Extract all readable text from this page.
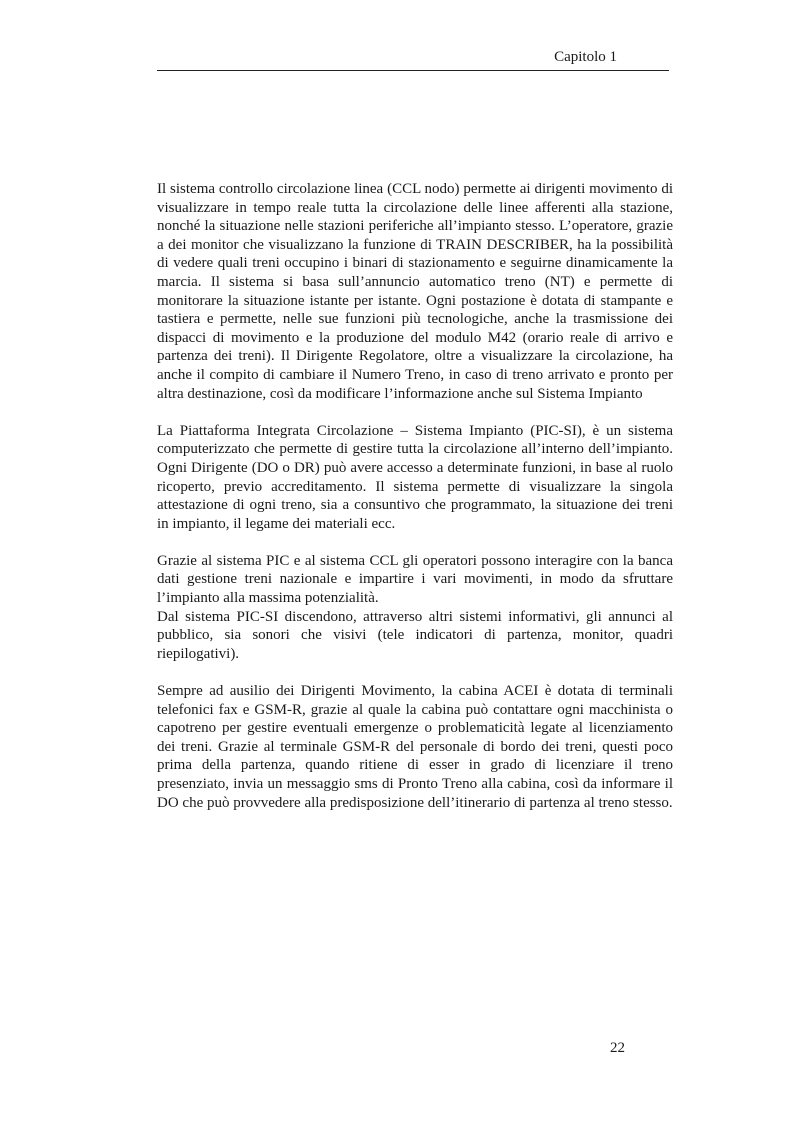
Capitolo 1

Il sistema controllo circolazione linea (CCL nodo) permette ai dirigenti movimento di visualizzare in tempo reale tutta la circolazione delle linee afferenti alla stazione, nonché la situazione nelle stazioni periferiche all’impianto stesso. L’operatore, grazie a dei monitor che visualizzano la funzione di TRAIN DESCRIBER, ha la possibilità di vedere quali treni occupino i binari di stazionamento e seguirne dinamicamente la marcia. Il sistema si basa sull’annuncio automatico treno (NT) e permette di monitorare la situazione istante per istante. Ogni postazione è dotata di stampante e tastiera e permette, nelle sue funzioni più tecnologiche, anche la trasmissione dei dispacci di movimento e la produzione del modulo M42 (orario reale di arrivo e partenza dei treni). Il Dirigente Regolatore, oltre a visualizzare la circolazione, ha anche il compito di cambiare il Numero Treno, in caso di treno arrivato e pronto per altra destinazione, così da modificare l’informazione anche sul Sistema Impianto

La Piattaforma Integrata Circolazione – Sistema Impianto (PIC-SI), è un sistema computerizzato che permette di gestire tutta la circolazione all’interno dell’impianto. Ogni Dirigente (DO o DR) può avere accesso a determinate funzioni, in base al ruolo ricoperto, previo accreditamento. Il sistema permette di visualizzare la singola attestazione di ogni treno, sia a consuntivo che programmato, la situazione dei treni in impianto, il legame dei materiali ecc.

Grazie al sistema PIC e al sistema CCL gli operatori possono interagire con la banca dati gestione treni nazionale e impartire i vari movimenti, in modo da sfruttare l’impianto alla massima potenzialità.

Dal sistema PIC-SI discendono, attraverso altri sistemi informativi, gli annunci al pubblico, sia sonori che visivi (tele indicatori di partenza, monitor, quadri riepilogativi).

Sempre ad ausilio dei Dirigenti Movimento, la cabina ACEI è dotata di terminali telefonici fax e GSM-R, grazie al quale la cabina può contattare ogni macchinista o capotreno per gestire eventuali emergenze o problematicità legate al licenziamento dei treni. Grazie al terminale GSM-R del personale di bordo dei treni, questi poco prima della partenza, quando ritiene di esser in grado di licenziare il treno presenziato, invia un messaggio sms di Pronto Treno alla cabina, così da informare il DO che può provvedere alla predisposizione dell’itinerario di partenza al treno stesso.

22
